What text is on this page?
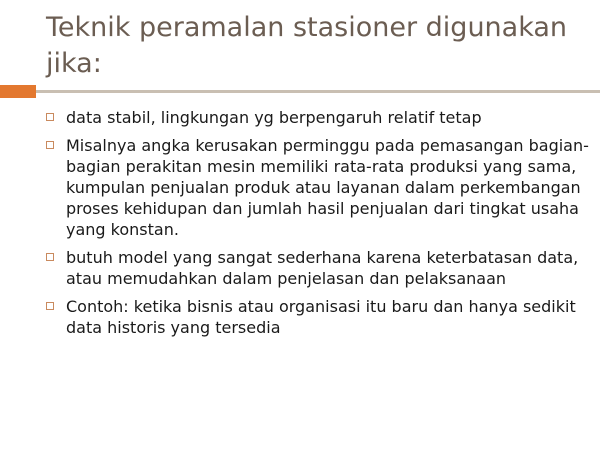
Teknik peramalan stasioner digunakan jika:
data stabil, lingkungan yg berpengaruh relatif tetap
Misalnya angka kerusakan perminggu pada pemasangan bagian-bagian perakitan mesin memiliki rata-rata produksi yang sama, kumpulan penjualan produk atau layanan dalam perkembangan proses kehidupan dan jumlah hasil penjualan dari tingkat usaha yang konstan.
butuh model yang sangat sederhana karena keterbatasan data, atau memudahkan dalam penjelasan dan pelaksanaan
Contoh: ketika bisnis atau organisasi itu baru dan hanya sedikit data historis yang tersedia
